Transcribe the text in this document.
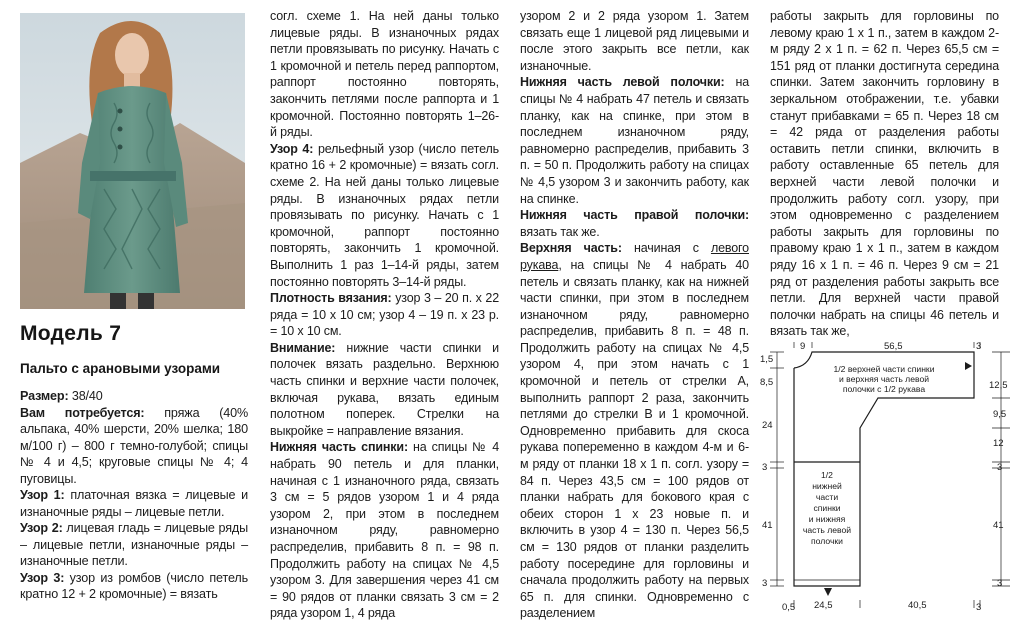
Модель 7
Пальто с арановыми узорами

Размер: 38/40

Вам потребуется: пряжа (40% альпака, 40% шерсти, 20% шелка; 180 м/100 г) – 800 г темно-голубой; спицы № 4 и 4,5; круговые спицы № 4; 4 пуговицы.

Узор 1: платочная вязка = лицевые и изнаночные ряды – лицевые петли.

Узор 2: лицевая гладь = лицевые ряды – лицевые петли, изнаночные ряды – изнаночные петли.

Узор 3: узор из ромбов (число петель кратно 12 + 2 кромочные) = вязать

согл. схеме 1. На ней даны только лицевые ряды. В изнаночных рядах петли провязывать по рисунку. Начать с 1 кромочной и петель перед раппортом, раппорт постоянно повторять, закончить петлями после раппорта и 1 кромочной. Постоянно повторять 1–26-й ряды.

Узор 4: рельефный узор (число петель кратно 16 + 2 кромочные) = вязать согл. схеме 2. На ней даны только лицевые ряды. В изнаночных рядах петли провязывать по рисунку. Начать с 1 кромочной, раппорт постоянно повторять, закончить 1 кромочной. Выполнить 1 раз 1–14-й ряды, затем постоянно повторять 3–14-й ряды.

Плотность вязания: узор 3 – 20 п. х 22 ряда = 10 х 10 см; узор 4 – 19 п. х 23 р. = 10 х 10 см.

Внимание: нижние части спинки и полочек вязать раздельно. Верхнюю часть спинки и верхние части полочек, включая рукава, вязать единым полотном поперек. Стрелки на выкройке = направление вязания.

Нижняя часть спинки: на спицы № 4 набрать 90 петель и для планки, начиная с 1 изнаночного ряда, связать 3 см = 5 рядов узором 1 и 4 ряда узором 2, при этом в последнем изнаночном ряду, равномерно распределив, прибавить 8 п. = 98 п. Продолжить работу на спицах № 4,5 узором 3. Для завершения через 41 см = 90 рядов от планки связать 3 см = 2 ряда узором 1, 4 ряда

узором 2 и 2 ряда узором 1. Затем связать еще 1 лицевой ряд лицевыми и после этого закрыть все петли, как изнаночные.

Нижняя часть левой полочки: на спицы № 4 набрать 47 петель и связать планку, как на спинке, при этом в последнем изнаночном ряду, равномерно распределив, прибавить 3 п. = 50 п. Продолжить работу на спицах № 4,5 узором 3 и закончить работу, как на спинке.

Нижняя часть правой полочки: вязать так же.

Верхняя часть: начиная с левого рукава, на спицы № 4 набрать 40 петель и связать планку, как на нижней части спинки, при этом в последнем изнаночном ряду, равномерно распределив, прибавить 8 п. = 48 п. Продолжить работу на спицах № 4,5 узором 4, при этом начать с 1 кромочной и петель от стрелки А, выполнить раппорт 2 раза, закончить петлями до стрелки В и 1 кромочной. Одновременно прибавить для скоса рукава попеременно в каждом 4-м и 6-м ряду от планки 18 х 1 п. согл. узору = 84 п. Через 43,5 см = 100 рядов от планки набрать для бокового края с обеих сторон 1 х 23 новые п. и включить в узор 4 = 130 п. Через 56,5 см = 130 рядов от планки разделить работу посередине для горловины и сначала продолжить работу на первых 65 п. для спинки. Одновременно с разделением

работы закрыть для горловины по левому краю 1 х 1 п., затем в каждом 2-м ряду 2 х 1 п. = 62 п. Через 65,5 см = 151 ряд от планки достигнута середина спинки. Затем закончить горловину в зеркальном отображении, т.е. убавки станут прибавками = 65 п. Через 18 см = 42 ряда от разделения работы оставить петли спинки, включить в работу оставленные 65 петель для верхней части левой полочки и продолжить работу согл. узору, при этом одновременно с разделением работы закрыть для горловины по правому краю 1 х 1 п., затем в каждом ряду 16 х 1 п. = 46 п. Через 9 см = 21 ряд от разделения работы закрыть все петли. Для верхней части правой полочки набрать на спицы 46 петель и вязать так же,

9	56,5	3
1,5
8,5
24
3
41
3
12,5
9,5
12
3
41
3
0,5 24,5	40,5	3
1/2 верхней части спинки
и верхняя часть левой
полочки с 1/2 рукава
1/2
нижней
части
спинки
и нижняя
часть левой
полочки
